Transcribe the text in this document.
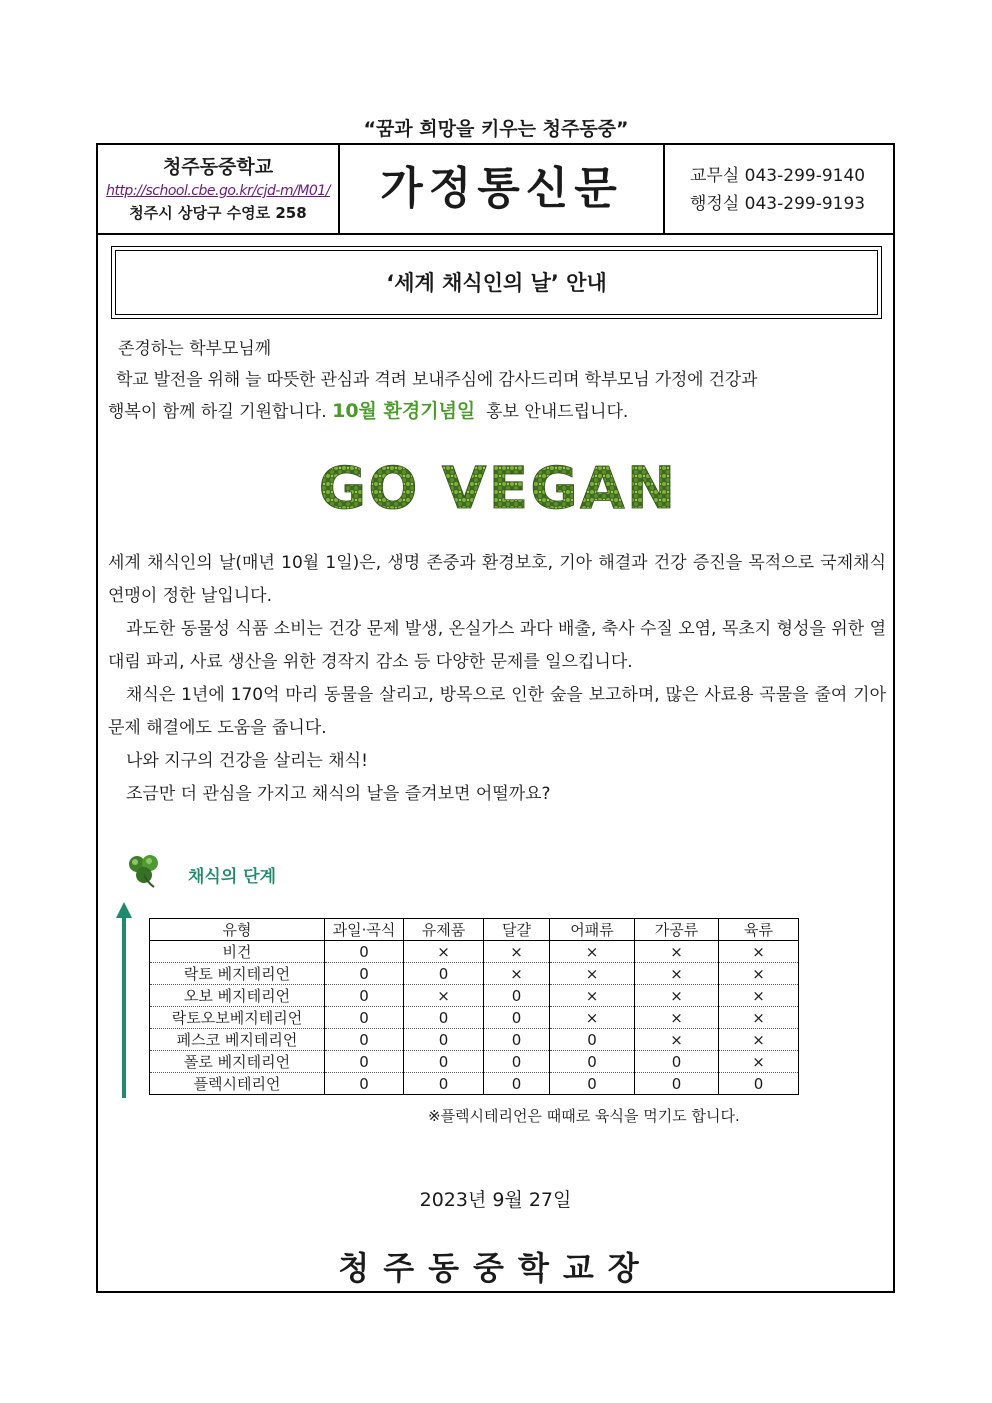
“꿈과 희망을 키우는 청주동중”
청주동중학교
http://school.cbe.go.kr/cjd-m/M01/
청주시 상당구 수영로 258	가정통신문	교무실 043-299-9140
행정실 043-299-9193
‘세계 채식인의 날’ 안내
존경하는 학부모님께
학교 발전을 위해 늘 따뜻한 관심과 격려 보내주심에 감사드리며 학부모님 가정에 건강과
행복이 함께 하길 기원합니다. 10월 환경기념일 홍보 안내드립니다.
GO VEGAN
세계 채식인의 날(매년 10월 1일)은, 생명 존중과 환경보호, 기아 해결과 건강 증진을 목적으로 국제채식연맹이 정한 날입니다.
과도한 동물성 식품 소비는 건강 문제 발생, 온실가스 과다 배출, 축사 수질 오염, 목초지 형성을 위한 열대림 파괴, 사료 생산을 위한 경작지 감소 등 다양한 문제를 일으킵니다.
채식은 1년에 170억 마리 동물을 살리고, 방목으로 인한 숲을 보고하며, 많은 사료용 곡물을 줄여 기아 문제 해결에도 도움을 줍니다.
나와 지구의 건강을 살리는 채식!
조금만 더 관심을 가지고 채식의 날을 즐겨보면 어떨까요?
채식의 단계
유형	과일·곡식	유제품	달걀	어패류	가공류	육류
비건	0	×	×	×	×	×
락토 베지테리언	0	0	×	×	×	×
오보 베지테리언	0	×	0	×	×	×
락토오보베지테리언	0	0	0	×	×	×
페스코 베지테리언	0	0	0	0	×	×
폴로 베지테리언	0	0	0	0	0	×
플렉시테리언	0	0	0	0	0	0
※플렉시테리언은 때때로 육식을 먹기도 합니다.
2023년 9월 27일
청주동중학교장
